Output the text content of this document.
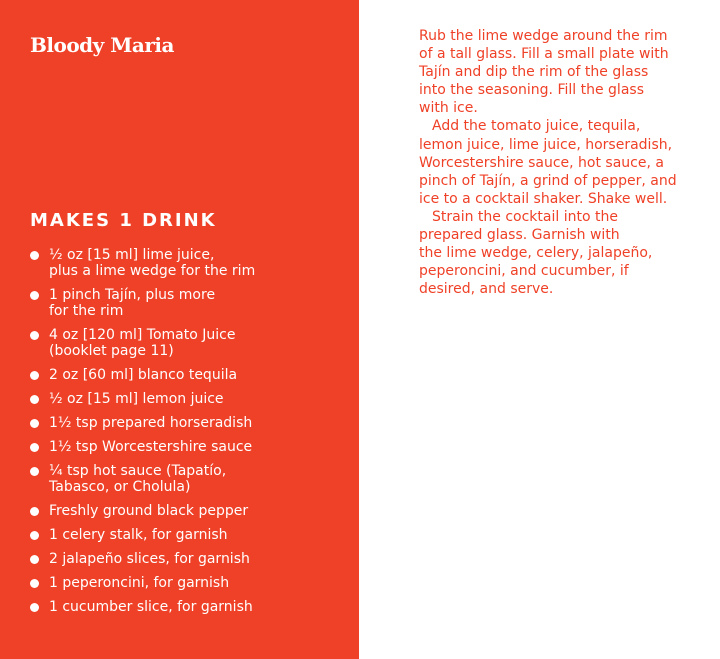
Bloody Maria
MAKES 1 DRINK
½ oz [15 ml] lime juice,
plus a lime wedge for the rim
1 pinch Tajín, plus more
for the rim
4 oz [120 ml] Tomato Juice
(booklet page 11)
2 oz [60 ml] blanco tequila
½ oz [15 ml] lemon juice
1½ tsp prepared horseradish
1½ tsp Worcestershire sauce
¼ tsp hot sauce (Tapatío,
Tabasco, or Cholula)
Freshly ground black pepper
1 celery stalk, for garnish
2 jalapeño slices, for garnish
1 peperoncini, for garnish
1 cucumber slice, for garnish

Rub the lime wedge around the rim
of a tall glass. Fill a small plate with
Tajín and dip the rim of the glass
into the seasoning. Fill the glass
with ice.

Add the tomato juice, tequila,
lemon juice, lime juice, horseradish,
Worcestershire sauce, hot sauce, a
pinch of Tajín, a grind of pepper, and
ice to a cocktail shaker. Shake well.

Strain the cocktail into the
prepared glass. Garnish with
the lime wedge, celery, jalapeño,
peperoncini, and cucumber, if
desired, and serve.
